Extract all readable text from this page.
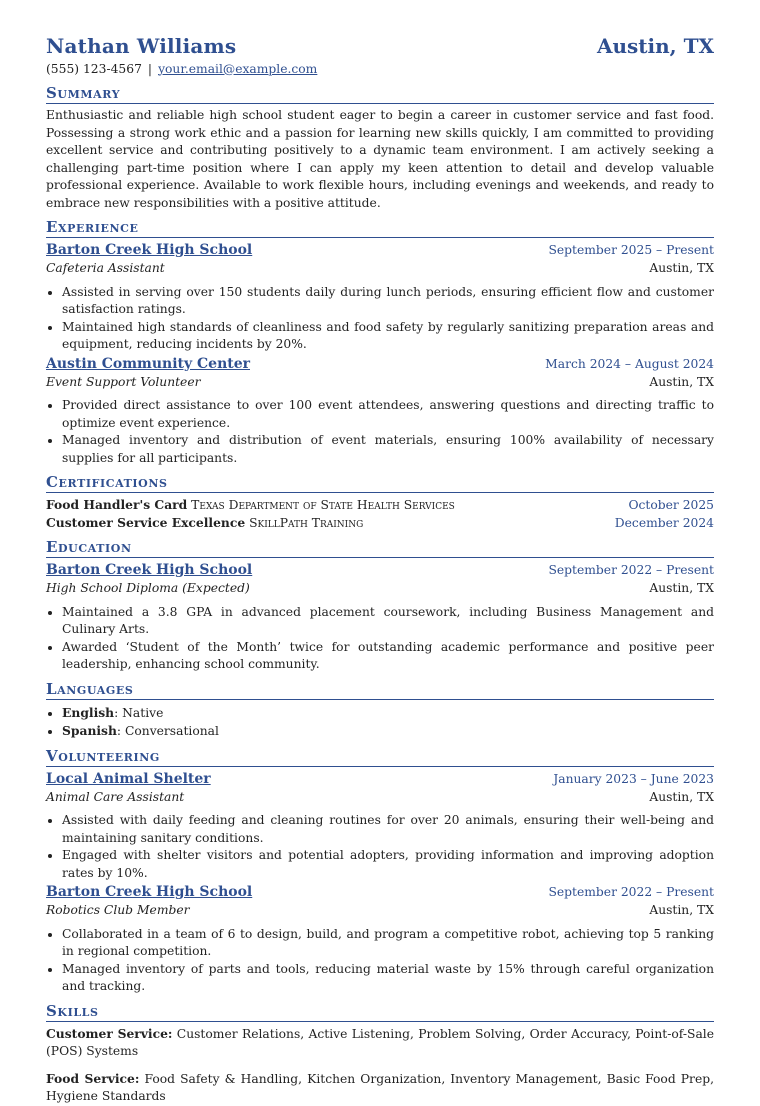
Nathan Williams	Austin, TX
(555) 123-4567 | your.email@example.com
Summary

Enthusiastic and reliable high school student eager to begin a career in customer service and fast food. Possessing a strong work ethic and a passion for learning new skills quickly, I am committed to providing excellent service and contributing positively to a dynamic team environment. I am actively seeking a challenging part-time position where I can apply my keen attention to detail and develop valuable professional experience. Available to work flexible hours, including evenings and weekends, and ready to embrace new responsibilities with a positive attitude.

Experience
Barton Creek High School	September 2025 – Present
Cafeteria Assistant	Austin, TX
• Assisted in serving over 150 students daily during lunch periods, ensuring efficient flow and customer satisfaction ratings.
• Maintained high standards of cleanliness and food safety by regularly sanitizing preparation areas and equipment, reducing incidents by 20%.
Austin Community Center	March 2024 – August 2024
Event Support Volunteer	Austin, TX
• Provided direct assistance to over 100 event attendees, answering questions and directing traffic to optimize event experience.
• Managed inventory and distribution of event materials, ensuring 100% availability of necessary supplies for all participants.
Certifications
Food Handler's Card Texas Department of State Health Services	October 2025
Customer Service Excellence SkillPath Training	December 2024
Education
Barton Creek High School	September 2022 – Present
High School Diploma (Expected)	Austin, TX
• Maintained a 3.8 GPA in advanced placement coursework, including Business Management and Culinary Arts.
• Awarded ‘Student of the Month’ twice for outstanding academic performance and positive peer leadership, enhancing school community.
Languages
• English: Native
• Spanish: Conversational
Volunteering
Local Animal Shelter	January 2023 – June 2023
Animal Care Assistant	Austin, TX
• Assisted with daily feeding and cleaning routines for over 20 animals, ensuring their well-being and maintaining sanitary conditions.
• Engaged with shelter visitors and potential adopters, providing information and improving adoption rates by 10%.
Barton Creek High School	September 2022 – Present
Robotics Club Member	Austin, TX
• Collaborated in a team of 6 to design, build, and program a competitive robot, achieving top 5 ranking in regional competition.
• Managed inventory of parts and tools, reducing material waste by 15% through careful organization and tracking.
Skills
Customer Service: Customer Relations, Active Listening, Problem Solving, Order Accuracy, Point-of-Sale (POS) Systems
Food Service: Food Safety & Handling, Kitchen Organization, Inventory Management, Basic Food Prep, Hygiene Standards
